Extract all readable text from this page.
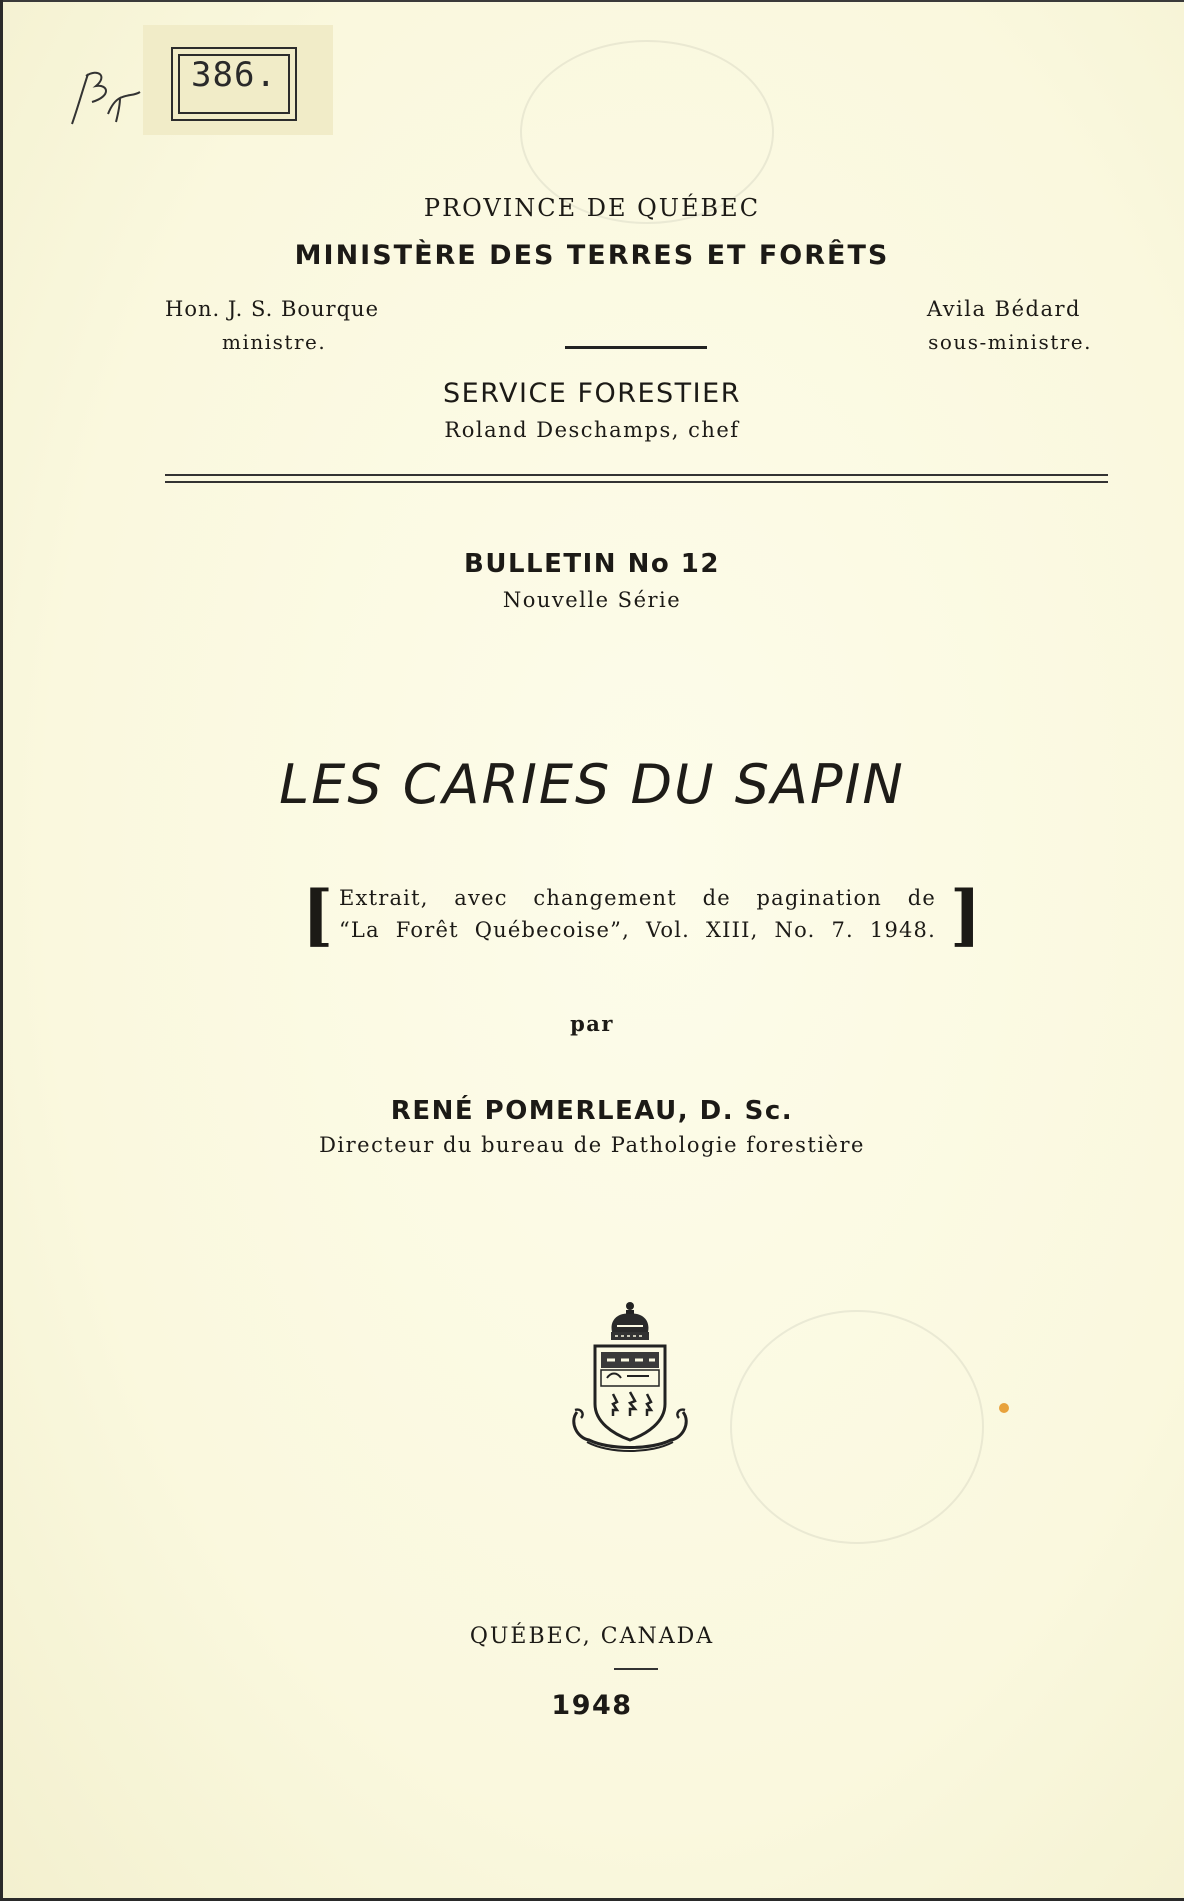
386.
PROVINCE DE QUÉBEC
MINISTÈRE DES TERRES ET FORÊTS
Hon. J. S. Bourque
ministre.
Avila Bédard
sous-ministre.
SERVICE FORESTIER
Roland Deschamps, chef
BULLETIN No 12
Nouvelle Série
LES CARIES DU SAPIN
[ Extrait, avec changement de pagination de
“La Forêt Québecoise”, Vol. XIII, No. 7. 1948. ]
par
RENÉ POMERLEAU, D. Sc.
Directeur du bureau de Pathologie forestière
QUÉBEC, CANADA
1948
